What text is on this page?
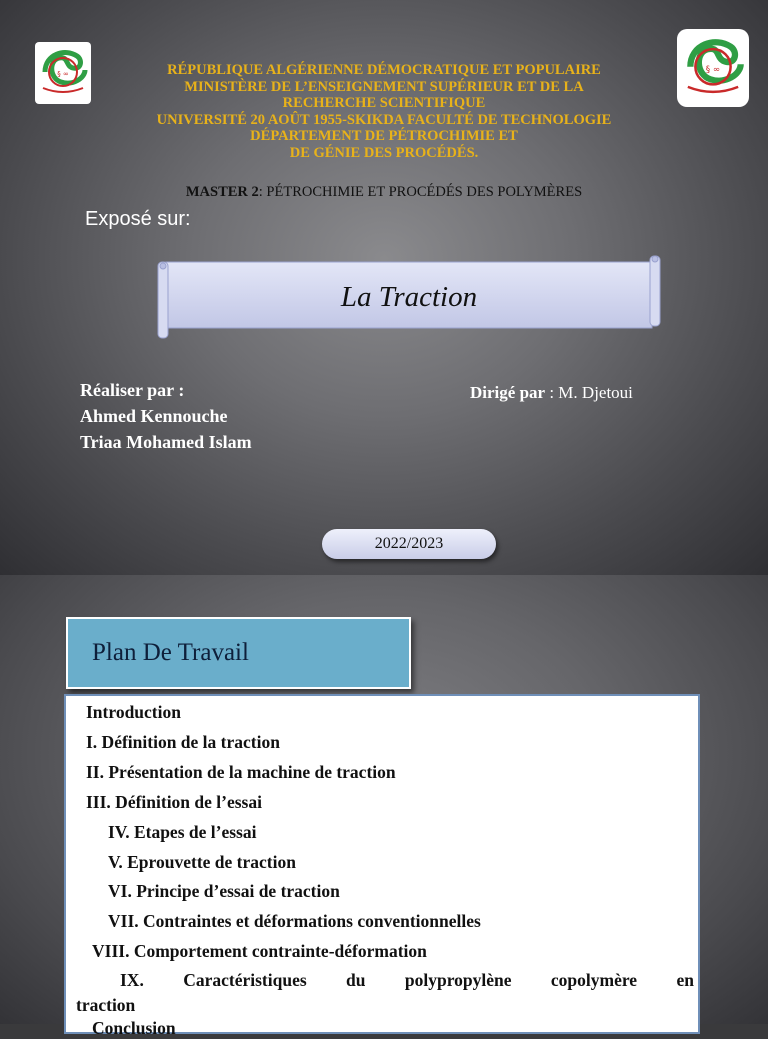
§ ∞	§ ∞
RÉPUBLIQUE ALGÉRIENNE DÉMOCRATIQUE ET POPULAIRE
MINISTÈRE DE L’ENSEIGNEMENT SUPÉRIEUR ET DE LA
RECHERCHE SCIENTIFIQUE
UNIVERSITÉ 20 AOÛT 1955-SKIKDA FACULTÉ DE TECHNOLOGIE
DÉPARTEMENT DE PÉTROCHIMIE ET
DE GÉNIE DES PROCÉDÉS.
MASTER 2: PÉTROCHIMIE ET PROCÉDÉS DES POLYMÈRES
Exposé sur:
La Traction
Réaliser par :
Ahmed Kennouche
Triaa Mohamed Islam
Dirigé par : M. Djetoui
2022/2023
Plan De Travail
Introduction
I. Définition de la traction
II. Présentation de la machine de traction
III. Définition de l’essai
IV. Etapes de l’essai
V. Eprouvette de traction
VI. Principe d’essai de traction
VII. Contraintes et déformations conventionnelles
VIII. Comportement contrainte-déformation
IX. Caractéristiques du polypropylène copolymère en
traction
Conclusion
